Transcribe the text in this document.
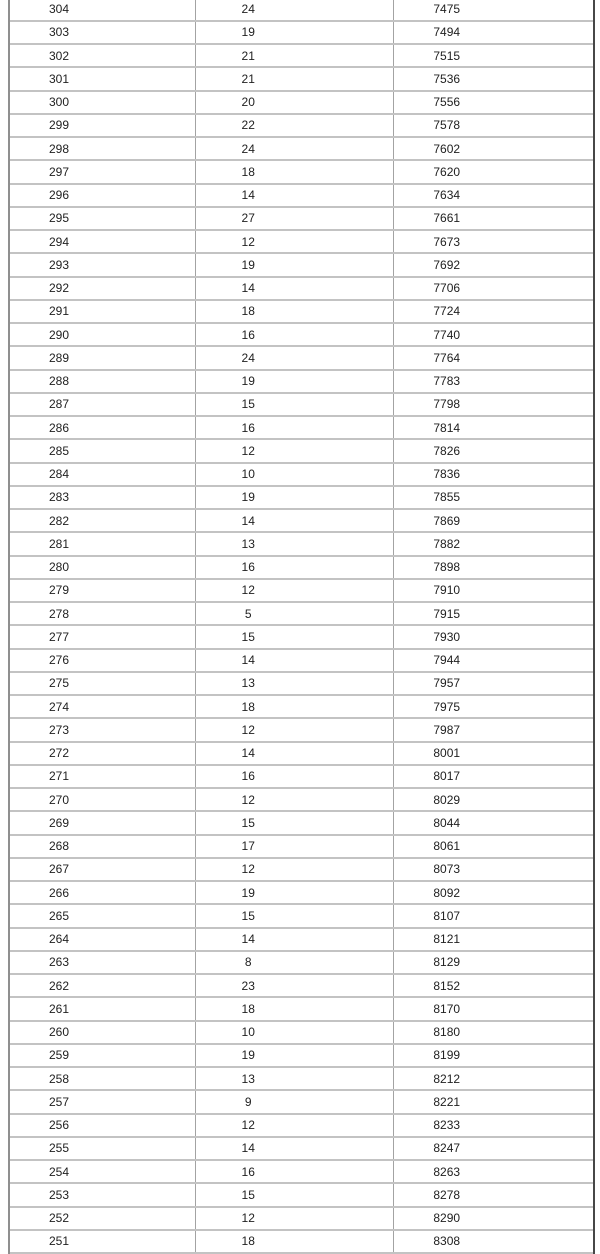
304	24	7475
303	19	7494
302	21	7515
301	21	7536
300	20	7556
299	22	7578
298	24	7602
297	18	7620
296	14	7634
295	27	7661
294	12	7673
293	19	7692
292	14	7706
291	18	7724
290	16	7740
289	24	7764
288	19	7783
287	15	7798
286	16	7814
285	12	7826
284	10	7836
283	19	7855
282	14	7869
281	13	7882
280	16	7898
279	12	7910
278	5	7915
277	15	7930
276	14	7944
275	13	7957
274	18	7975
273	12	7987
272	14	8001
271	16	8017
270	12	8029
269	15	8044
268	17	8061
267	12	8073
266	19	8092
265	15	8107
264	14	8121
263	8	8129
262	23	8152
261	18	8170
260	10	8180
259	19	8199
258	13	8212
257	9	8221
256	12	8233
255	14	8247
254	16	8263
253	15	8278
252	12	8290
251	18	8308
